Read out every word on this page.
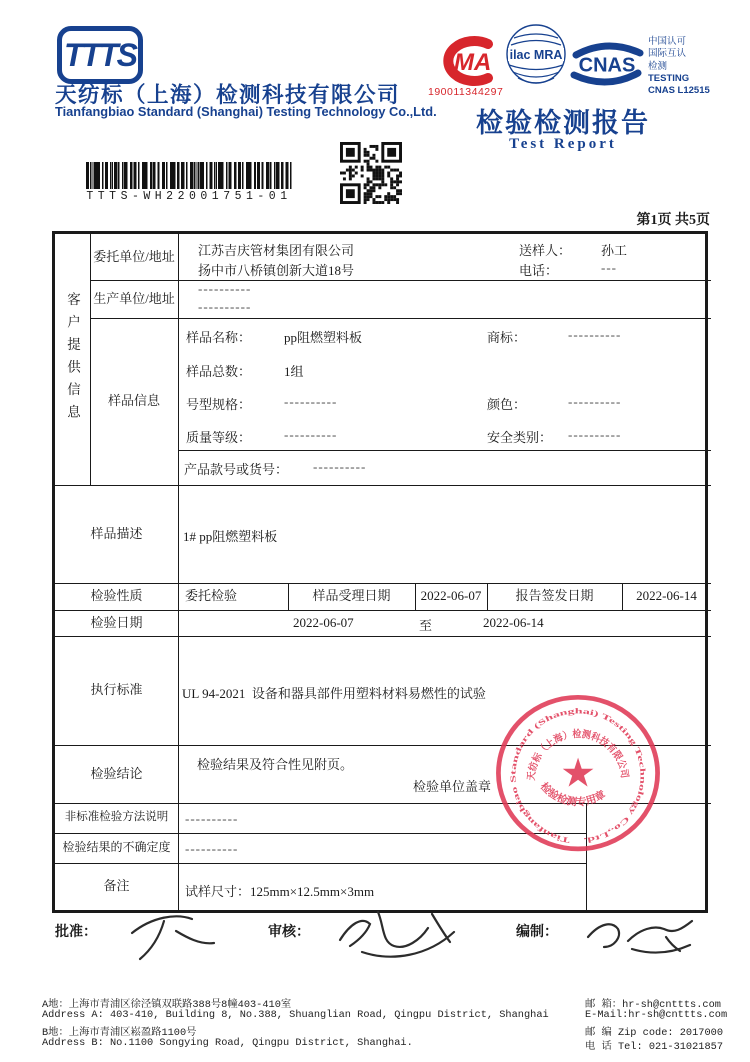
TTTS
天纺标（上海）检测科技有限公司
Tianfangbiao Standard (Shanghai) Testing Technology Co.,Ltd.
MA
190011344297
ilac MRA CNAS
中国认可
国际互认
检测
TESTING
CNAS L12515
检验检测报告
Test Report
TTTS-WH22001751-01
第1页 共5页
客户提供信息
委托单位/地址 江苏吉庆管材集团有限公司
扬中市八桥镇创新大道18号
送样人： 孙工
电话：	---
生产单位/地址
----------
----------
样品信息
样品名称：	pp阻燃塑料板	商标：	----------
样品总数：	1组
号型规格：	----------	颜色：	----------
质量等级：	----------	安全类别： ----------
产品款号或货号： ----------
样品描述	1# pp阻燃塑料板
检验性质	委托检验	样品受理日期	2022-06-07	报告签发日期	2022-06-14
检验日期	2022-06-07	至	2022-06-14
执行标准	UL 94-2021  设备和器具部件用塑料材料易燃性的试验
检验结论
检验结果及符合性见附页。
检验单位盖章
非标准检验方法说明	----------
检验结果的不确定度	----------
备注	试样尺寸：125mm×12.5mm×3mm
Tianfangbiao Standard (Shanghai) Testing Technology Co.,Ltd.
天纺标（上海）检测科技有限公司
★
检验检测专用章
批准：	审核：	编制：
A地：上海市青浦区徐泾镇双联路388号8幢403-410室
Address A: 403-410, Building 8, No.388, Shuanglian Road, Qingpu District, Shanghai
B地：上海市青浦区崧盈路1100号
Address B: No.1100 Songying Road, Qingpu District, Shanghai.
邮 箱：hr-sh@cnttts.com
E-Mail:hr-sh@cnttts.com
邮 编 Zip code: 2017000
电 话 Tel: 021-31021857
